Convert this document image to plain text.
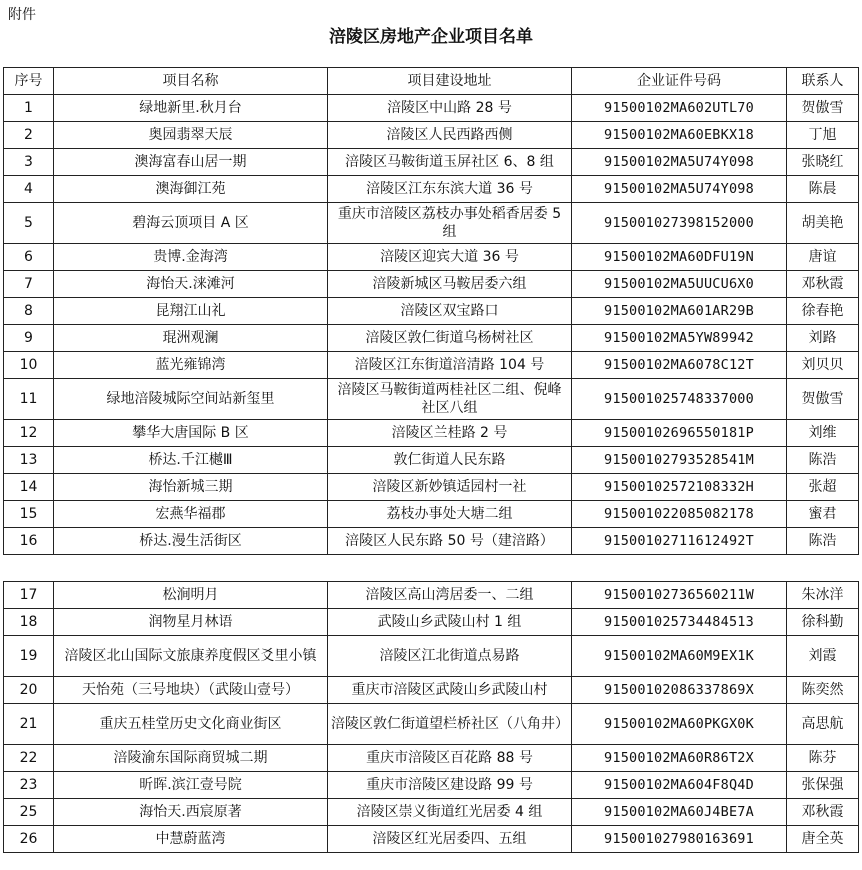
附件
涪陵区房地产企业项目名单
序号	项目名称	项目建设地址	企业证件号码	联系人
1	绿地新里.秋月台	涪陵区中山路 28 号	91500102MA602UTL70	贺傲雪
2	奥园翡翠天辰	涪陵区人民西路西侧	91500102MA60EBKX18	丁旭
3	澳海富春山居一期	涪陵区马鞍街道玉屏社区 6、8 组	91500102MA5U74Y098	张晓红
4	澳海御江苑	涪陵区江东东滨大道 36 号	91500102MA5U74Y098	陈晨
5	碧海云顶项目 A 区	重庆市涪陵区荔枝办事处稻香居委 5 组	915001027398152000	胡美艳
6	贵博.金海湾	涪陵区迎宾大道 36 号	91500102MA60DFU19N	唐谊
7	海怡天.涞滩河	涪陵新城区马鞍居委六组	91500102MA5UUCU6X0	邓秋霞
8	昆翔江山礼	涪陵区双宝路口	91500102MA601AR29B	徐春艳
9	琨洲观澜	涪陵区敦仁街道乌杨树社区	91500102MA5YW89942	刘路
10	蓝光雍锦湾	涪陵区江东街道涪清路 104 号	91500102MA6078C12T	刘贝贝
11	绿地涪陵城际空间站新玺里	涪陵区马鞍街道两桂社区二组、倪峰社区八组	915001025748337000	贺傲雪
12	攀华大唐国际 B 区	涪陵区兰桂路 2 号	915001026965501​81P	刘维
13	桥达.千江樾Ⅲ	敦仁街道人民东路	91500102793528541M	陈浩
14	海怡新城三期	涪陵区新妙镇适园村一社	91500102572108332H	张超
15	宏燕华福郡	荔枝办事处大塘二组	915001022085082178	蜜君
16	桥达.漫生活街区	涪陵区人民东路 50 号（建涪路）	91500102711612492T	陈浩
17	松涧明月	涪陵区高山湾居委一、二组	91500102736560211W	朱冰洋
18	润物星月林语	武陵山乡武陵山村 1 组	915001025734484513	徐科勤
19	涪陵区北山国际文旅康养度假区爻里小镇	涪陵区江北街道点易路	91500102MA60M9EX1K	刘霞
20	天怡苑（三号地块）（武陵山壹号）	重庆市涪陵区武陵山乡武陵山村	91500102086337869X	陈奕然
21	重庆五桂堂历史文化商业街区	涪陵区敦仁街道望栏桥社区（八角井）	91500102MA60PKGX0K	高思航
22	涪陵渝东国际商贸城二期	重庆市涪陵区百花路 88 号	91500102MA60R86T2X	陈芬
23	昕晖.滨江壹号院	重庆市涪陵区建设路 99 号	91500102MA604F8Q4D	张保强
25	海怡天.西宸原著	涪陵区崇义街道红光居委 4 组	91500102MA60J4BE7A	邓秋霞
26	中慧蔚蓝湾	涪陵区红光居委四、五组	915001027980163691	唐全英
